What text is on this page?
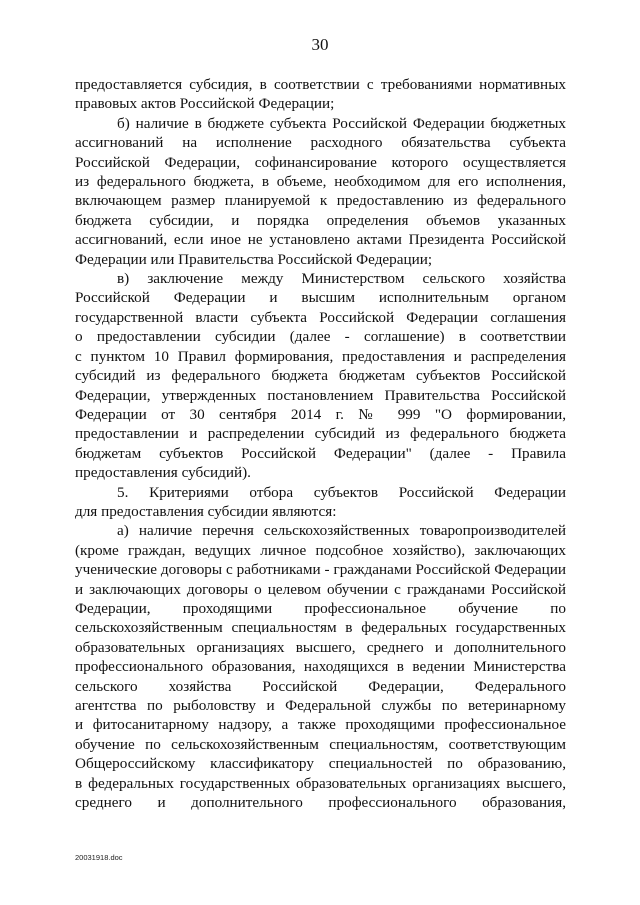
30

предоставляется субсидия, в соответствии с требованиями нормативных
правовых актов Российской Федерации;

б) наличие в бюджете субъекта Российской Федерации бюджетных
ассигнований на исполнение расходного обязательства субъекта
Российской Федерации, софинансирование которого осуществляется
из федерального бюджета, в объеме, необходимом для его исполнения,
включающем размер планируемой к предоставлению из федерального
бюджета субсидии, и порядка определения объемов указанных
ассигнований, если иное не установлено актами Президента Российской
Федерации или Правительства Российской Федерации;

в) заключение между Министерством сельского хозяйства
Российской Федерации и высшим исполнительным органом
государственной власти субъекта Российской Федерации соглашения
о предоставлении субсидии (далее - соглашение) в соответствии
с пунктом 10 Правил формирования, предоставления и распределения
субсидий из федерального бюджета бюджетам субъектов Российской
Федерации, утвержденных постановлением Правительства Российской
Федерации от 30 сентября 2014 г. № 999 "О формировании,
предоставлении и распределении субсидий из федерального бюджета
бюджетам субъектов Российской Федерации" (далее - Правила
предоставления субсидий).

5. Критериями отбора субъектов Российской Федерации
для предоставления субсидии являются:

а) наличие перечня сельскохозяйственных товаропроизводителей
(кроме граждан, ведущих личное подсобное хозяйство), заключающих
ученические договоры с работниками - гражданами Российской Федерации
и заключающих договоры о целевом обучении с гражданами Российской
Федерации, проходящими профессиональное обучение по
сельскохозяйственным специальностям в федеральных государственных
образовательных организациях высшего, среднего и дополнительного
профессионального образования, находящихся в ведении Министерства
сельского хозяйства Российской Федерации, Федерального
агентства по рыболовству и Федеральной службы по ветеринарному
и фитосанитарному надзору, а также проходящими профессиональное
обучение по сельскохозяйственным специальностям, соответствующим
Общероссийскому классификатору специальностей по образованию,
в федеральных государственных образовательных организациях высшего,
среднего и дополнительного профессионального образования,

20031918.doc
